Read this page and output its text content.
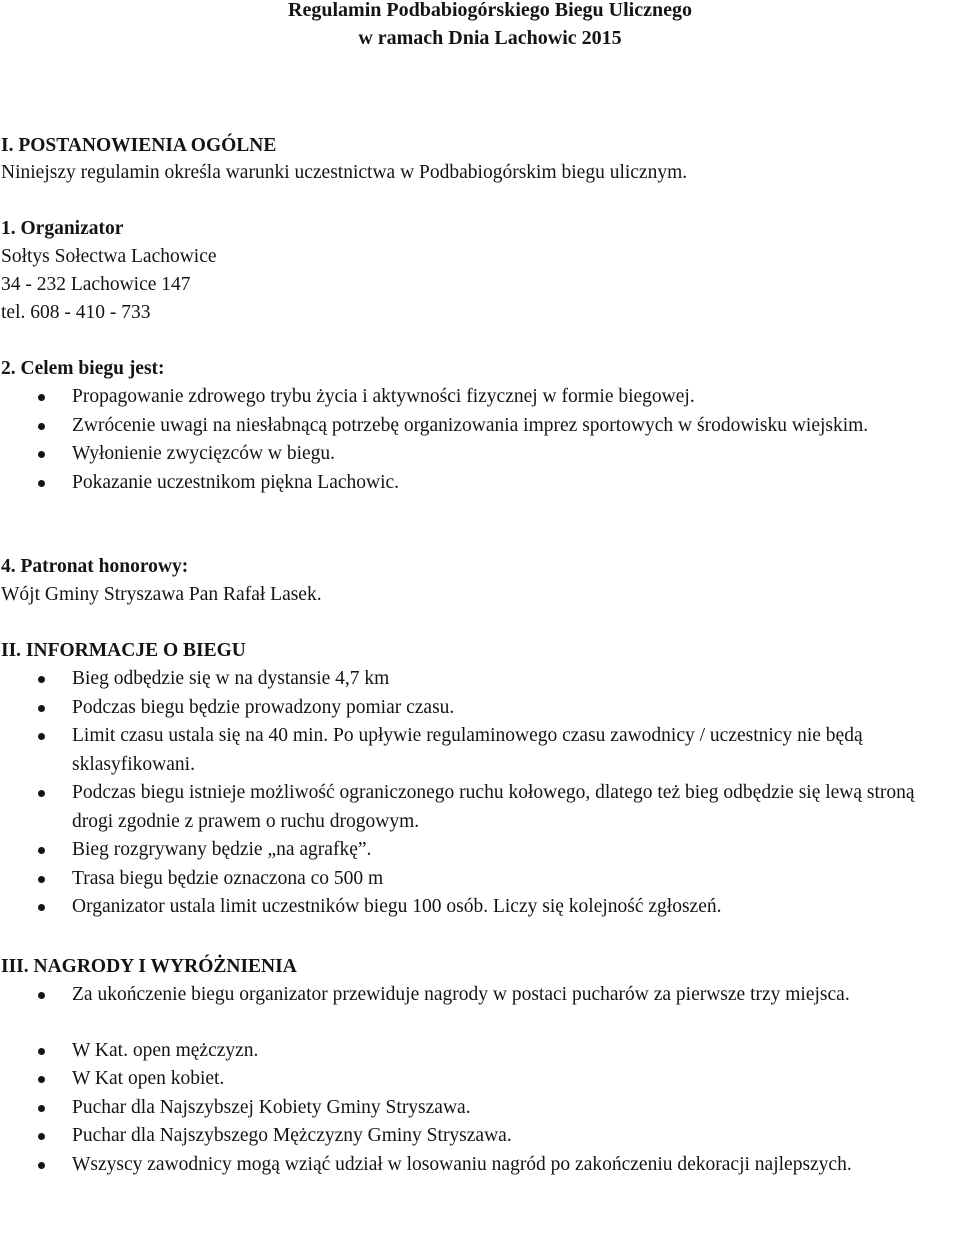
Regulamin Podbabiogórskiego Biegu Ulicznego
w ramach Dnia Lachowic 2015
I. POSTANOWIENIA OGÓLNE
Niniejszy regulamin określa warunki uczestnictwa w Podbabiogórskim biegu ulicznym.
1. Organizator
Sołtys Sołectwa Lachowice
34 - 232 Lachowice 147
tel. 608 - 410 - 733
2. Celem biegu jest:
Propagowanie zdrowego trybu życia i aktywności fizycznej w formie biegowej.
Zwrócenie uwagi na niesłabnącą potrzebę organizowania imprez sportowych w środowisku wiejskim.
Wyłonienie zwycięzców w biegu.
Pokazanie uczestnikom piękna Lachowic.
4. Patronat honorowy:
Wójt Gminy Stryszawa Pan Rafał Lasek.
II. INFORMACJE O BIEGU
Bieg odbędzie się w na dystansie 4,7 km
Podczas biegu będzie prowadzony pomiar czasu.
Limit czasu ustala się na 40 min. Po upływie regulaminowego czasu zawodnicy / uczestnicy nie będą sklasyfikowani.
Podczas biegu istnieje możliwość ograniczonego ruchu kołowego, dlatego też bieg odbędzie się lewą stroną drogi zgodnie z prawem o ruchu drogowym.
Bieg rozgrywany będzie „na agrafkę”.
Trasa biegu będzie oznaczona co 500 m
Organizator ustala limit uczestników biegu 100 osób. Liczy się kolejność zgłoszeń.
III. NAGRODY I WYRÓŻNIENIA
Za ukończenie biegu organizator przewiduje nagrody w postaci pucharów za pierwsze trzy miejsca.
W Kat. open mężczyzn.
W Kat open kobiet.
Puchar dla Najszybszej Kobiety Gminy Stryszawa.
Puchar dla Najszybszego Mężczyzny Gminy Stryszawa.
Wszyscy zawodnicy mogą wziąć udział w losowaniu nagród po zakończeniu dekoracji najlepszych.
